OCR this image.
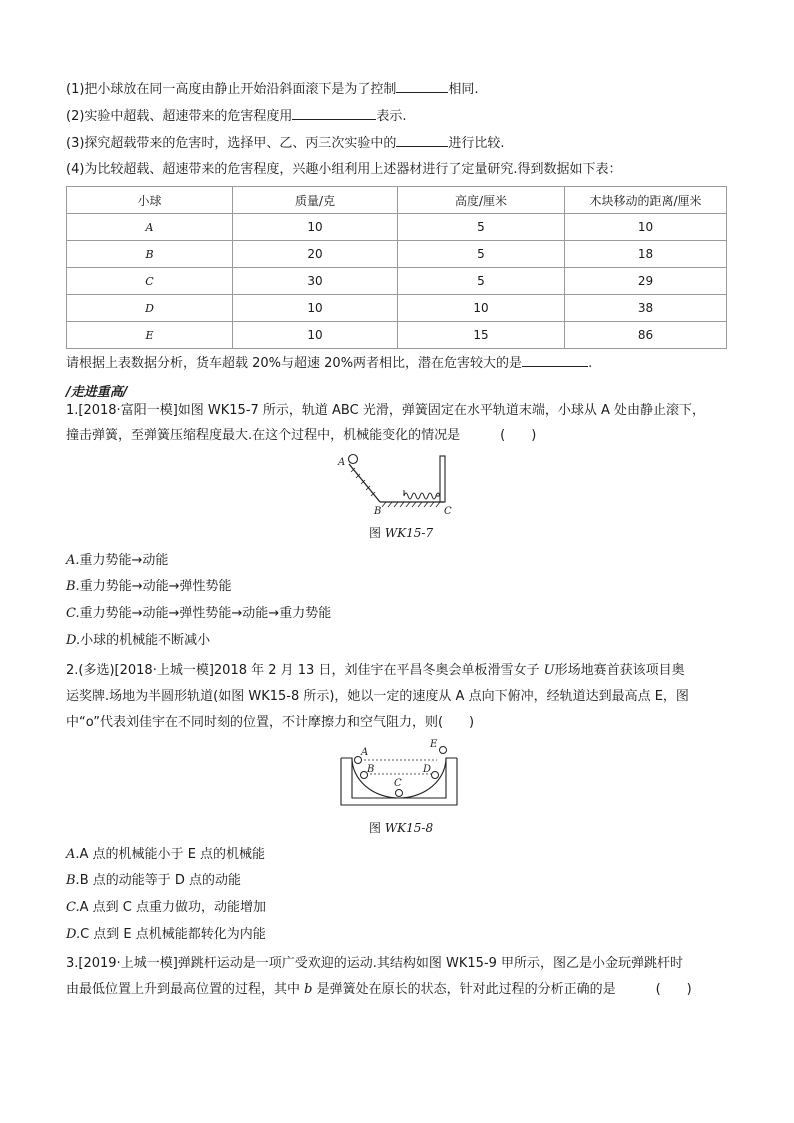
(1)把小球放在同一高度由静止开始沿斜面滚下是为了控制	相同.
(2)实验中超载、超速带来的危害程度用	表示.
(3)探究超载带来的危害时，选择甲、乙、丙三次实验中的	进行比较.
(4)为比较超载、超速带来的危害程度，兴趣小组利用上述器材进行了定量研究.得到数据如下表：
小球	质量/克	高度/厘米	木块移动的距离/厘米
A	10	5	10
B	20	5	18
C	30	5	29
D	10	10	38
E	10	15	86
请根据上表数据分析，货车超载 20%与超速 20%两者相比，潜在危害较大的是	.
/走进重高/
1.[2018·富阳一模]如图 WK15-7 所示，轨道 ABC 光滑，弹簧固定在水平轨道末端，小球从 A 处由静止滚下，
撞击弹簧，至弹簧压缩程度最大.在这个过程中，机械能变化的情况是	(　　)
A
B	C
图 WK15-7
A.重力势能→动能
B.重力势能→动能→弹性势能
C.重力势能→动能→弹性势能→动能→重力势能
D.小球的机械能不断减小
2.(多选)[2018·上城一模]2018 年 2 月 13 日，刘佳宇在平昌冬奥会单板滑雪女子 U形场地赛首获该项目奥
运奖牌.场地为半圆形轨道(如图 WK15-8 所示)，她以一定的速度从 A 点向下俯冲，经轨道达到最高点 E，图
中“o”代表刘佳宇在不同时刻的位置，不计摩擦力和空气阻力，则(　　)
A
B
C
D
E
图 WK15-8
A.A 点的机械能小于 E 点的机械能
B.B 点的动能等于 D 点的动能
C.A 点到 C 点重力做功，动能增加
D.C 点到 E 点机械能都转化为内能
3.[2019·上城一模]弹跳杆运动是一项广受欢迎的运动.其结构如图 WK15-9 甲所示，图乙是小金玩弹跳杆时
由最低位置上升到最高位置的过程，其中 b 是弹簧处在原长的状态，针对此过程的分析正确的是	(　　)
